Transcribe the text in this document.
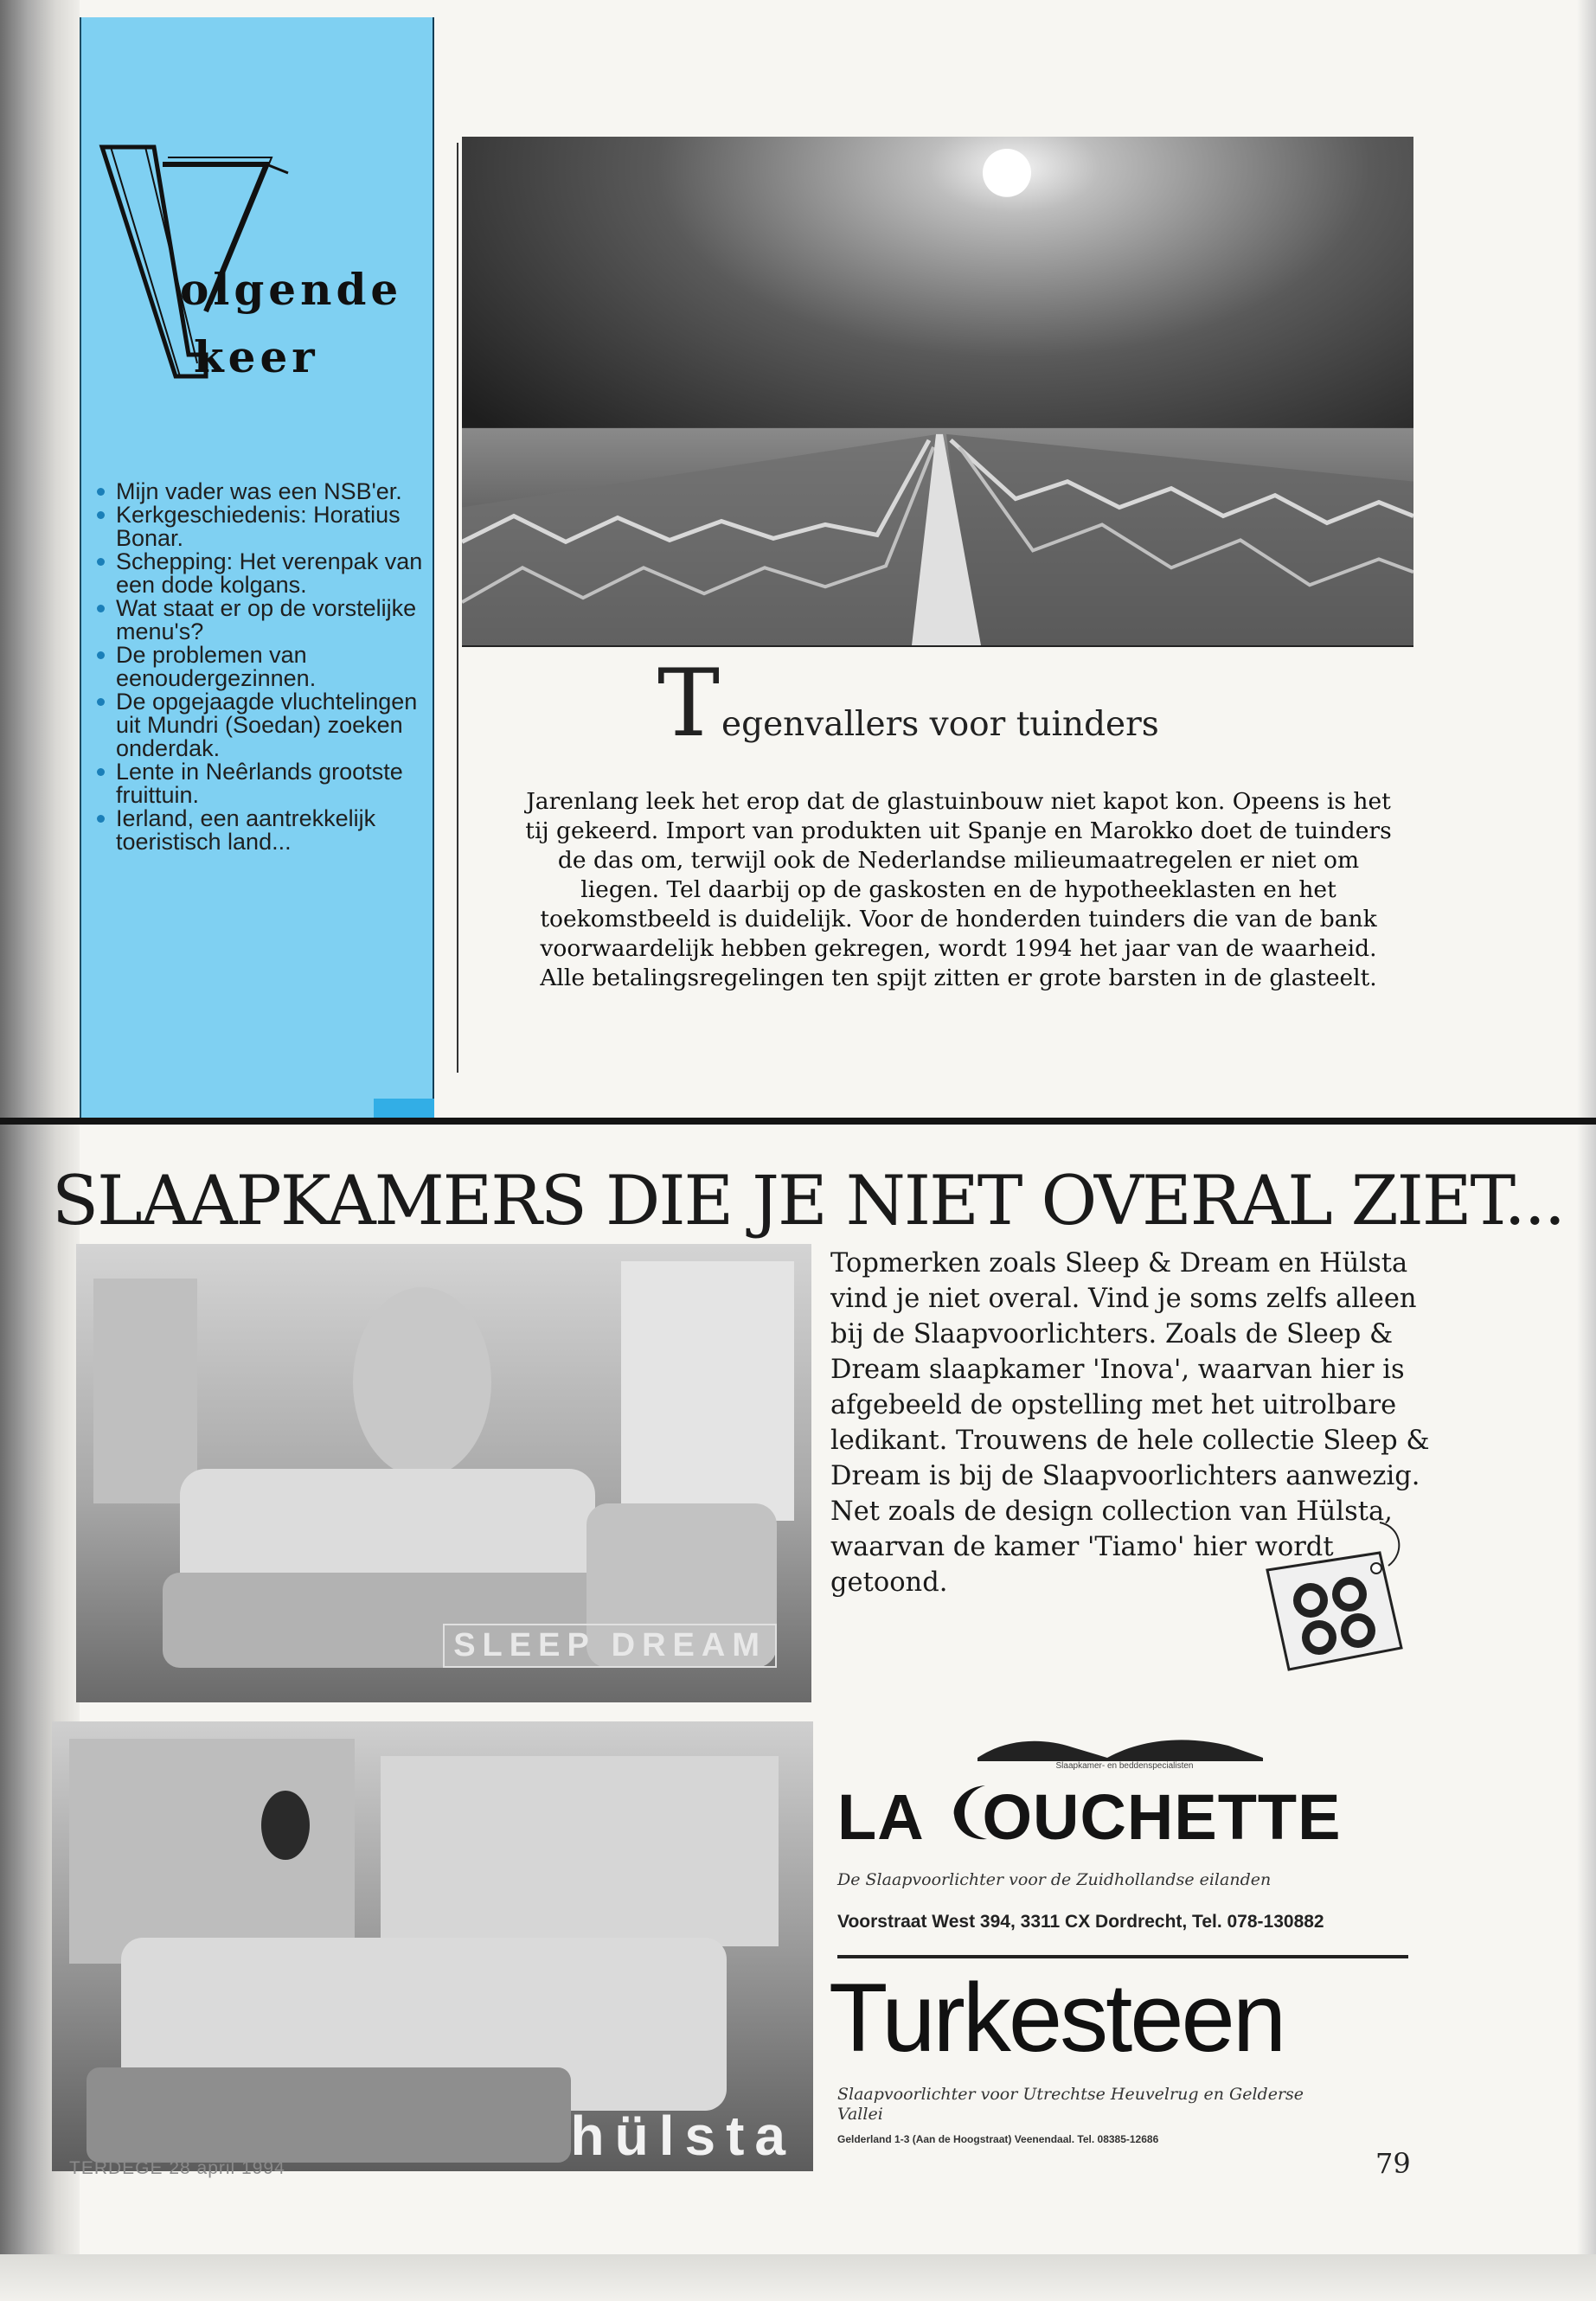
olgende
keer
Mijn vader was een NSB'er.
Kerkgeschiedenis: Horatius Bonar.
Schepping: Het verenpak van een dode kolgans.
Wat staat er op de vorstelijke menu's?
De problemen van eenoudergezinnen.
De opgejaagde vluchtelingen uit Mundri (Soedan) zoeken onderdak.
Lente in Neêrlands grootste fruittuin.
Ierland, een aantrekkelijk toeristisch land...
Tegenvallers voor tuinders

Jarenlang leek het erop dat de glastuinbouw niet kapot kon. Opeens is het tij gekeerd. Import van produkten uit Spanje en Marokko doet de tuinders de das om, terwijl ook de Nederlandse milieumaatregelen er niet om liegen. Tel daarbij op de gaskosten en de hypotheeklasten en het toekomstbeeld is duidelijk. Voor de honderden tuinders die van de bank voorwaardelijk hebben gekregen, wordt 1994 het jaar van de waarheid. Alle betalingsregelingen ten spijt zitten er grote barsten in de glasteelt.

SLAAPKAMERS DIE JE NIET OVERAL ZIET...
SLEEP DREAM
hülsta

Topmerken zoals Sleep & Dream en Hülsta vind je niet overal. Vind je soms zelfs alleen bij de Slaapvoorlichters. Zoals de Sleep & Dream slaapkamer 'Inova', waarvan hier is afgebeeld de opstelling met het uitrolbare ledikant. Trouwens de hele collectie Sleep & Dream is bij de Slaapvoorlichters aanwezig. Net zoals de design collection van Hülsta, waarvan de kamer 'Tiamo' hier wordt getoond.

Slaapkamer- en beddenspecialisten
LA OUCHETTE
De Slaapvoorlichter voor de Zuidhollandse eilanden
Voorstraat West 394, 3311 CX Dordrecht, Tel. 078-130882
Turkesteen
Slaapvoorlichter voor Utrechtse Heuvelrug en Gelderse Vallei
Gelderland 1-3 (Aan de Hoogstraat) Veenendaal. Tel. 08385-12686
TERDEGE 28 april 1994	79
